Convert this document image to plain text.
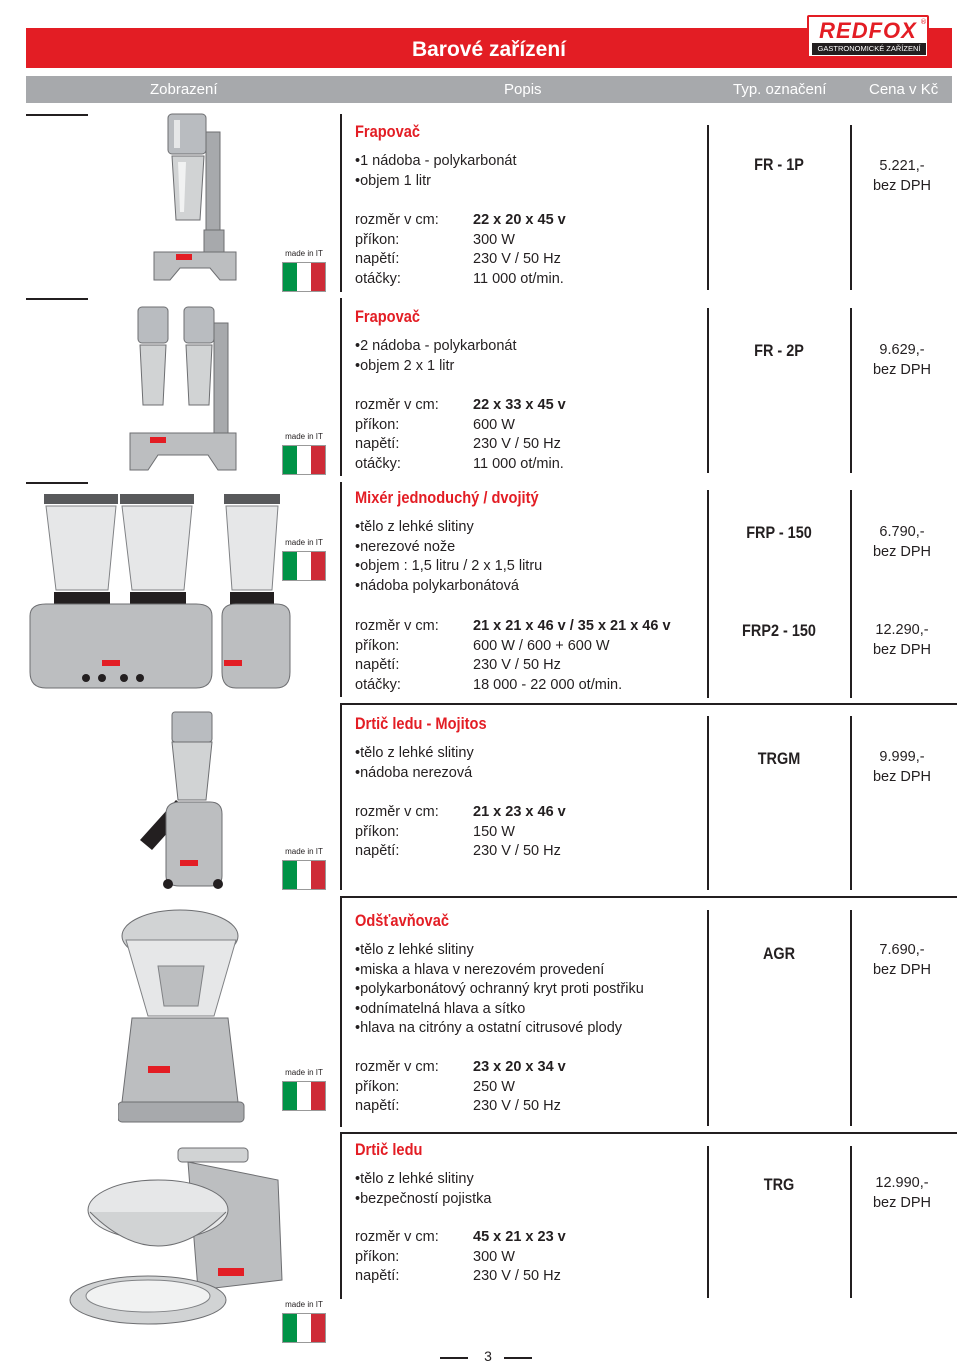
Barové zařízení
REDFOX ®
GASTRONOMICKÉ ZAŘÍZENÍ
Zobrazení	Popis	Typ. označení	Cena v Kč
made in IT
Frapovač
• 1 nádoba - polykarbonát
• objem 1 litr
rozměr v cm: 22 x 20 x 45 v
příkon:	300 W
napětí:	230 V / 50 Hz
otáčky:	11 000 ot/min.
FR - 1P	5.221,-
bez DPH
made in IT
Frapovač
• 2 nádoba - polykarbonát
• objem 2 x 1 litr
rozměr v cm: 22 x 33 x 45 v
příkon:	600 W
napětí:	230 V / 50 Hz
otáčky:	11 000 ot/min.
FR - 2P	9.629,-
bez DPH
made in IT
Mixér jednoduchý / dvojitý
• tělo z lehké slitiny
• nerezové nože
• objem : 1,5 litru / 2 x 1,5 litru
• nádoba polykarbonátová
rozměr v cm: 21 x 21 x 46 v / 35 x 21 x 46 v
příkon:	600 W / 600 + 600 W
napětí:	230 V / 50 Hz
otáčky:	18 000 - 22 000 ot/min.
FRP - 150	6.790,-
bez DPH
FRP2 - 150	12.290,-
bez DPH
made in IT
Drtič ledu - Mojitos
• tělo z lehké slitiny
• nádoba nerezová
rozměr v cm: 21 x 23 x 46 v
příkon:	150 W
napětí:	230 V / 50 Hz
TRGM	9.999,-
bez DPH
made in IT
Odšťavňovač
• tělo z lehké slitiny
• miska a hlava v nerezovém provedení
• polykarbonátový ochranný kryt proti postřiku
• odnímatelná hlava a sítko
• hlava na citróny a ostatní citrusové plody
rozměr v cm: 23 x 20 x 34 v
příkon:	250 W
napětí:	230 V / 50 Hz
AGR	7.690,-
bez DPH
made in IT
Drtič ledu
• tělo z lehké slitiny
• bezpečností pojistka
rozměr v cm: 45 x 21 x 23 v
příkon:	300 W
napětí:	230 V / 50 Hz
TRG	12.990,-
bez DPH
3
